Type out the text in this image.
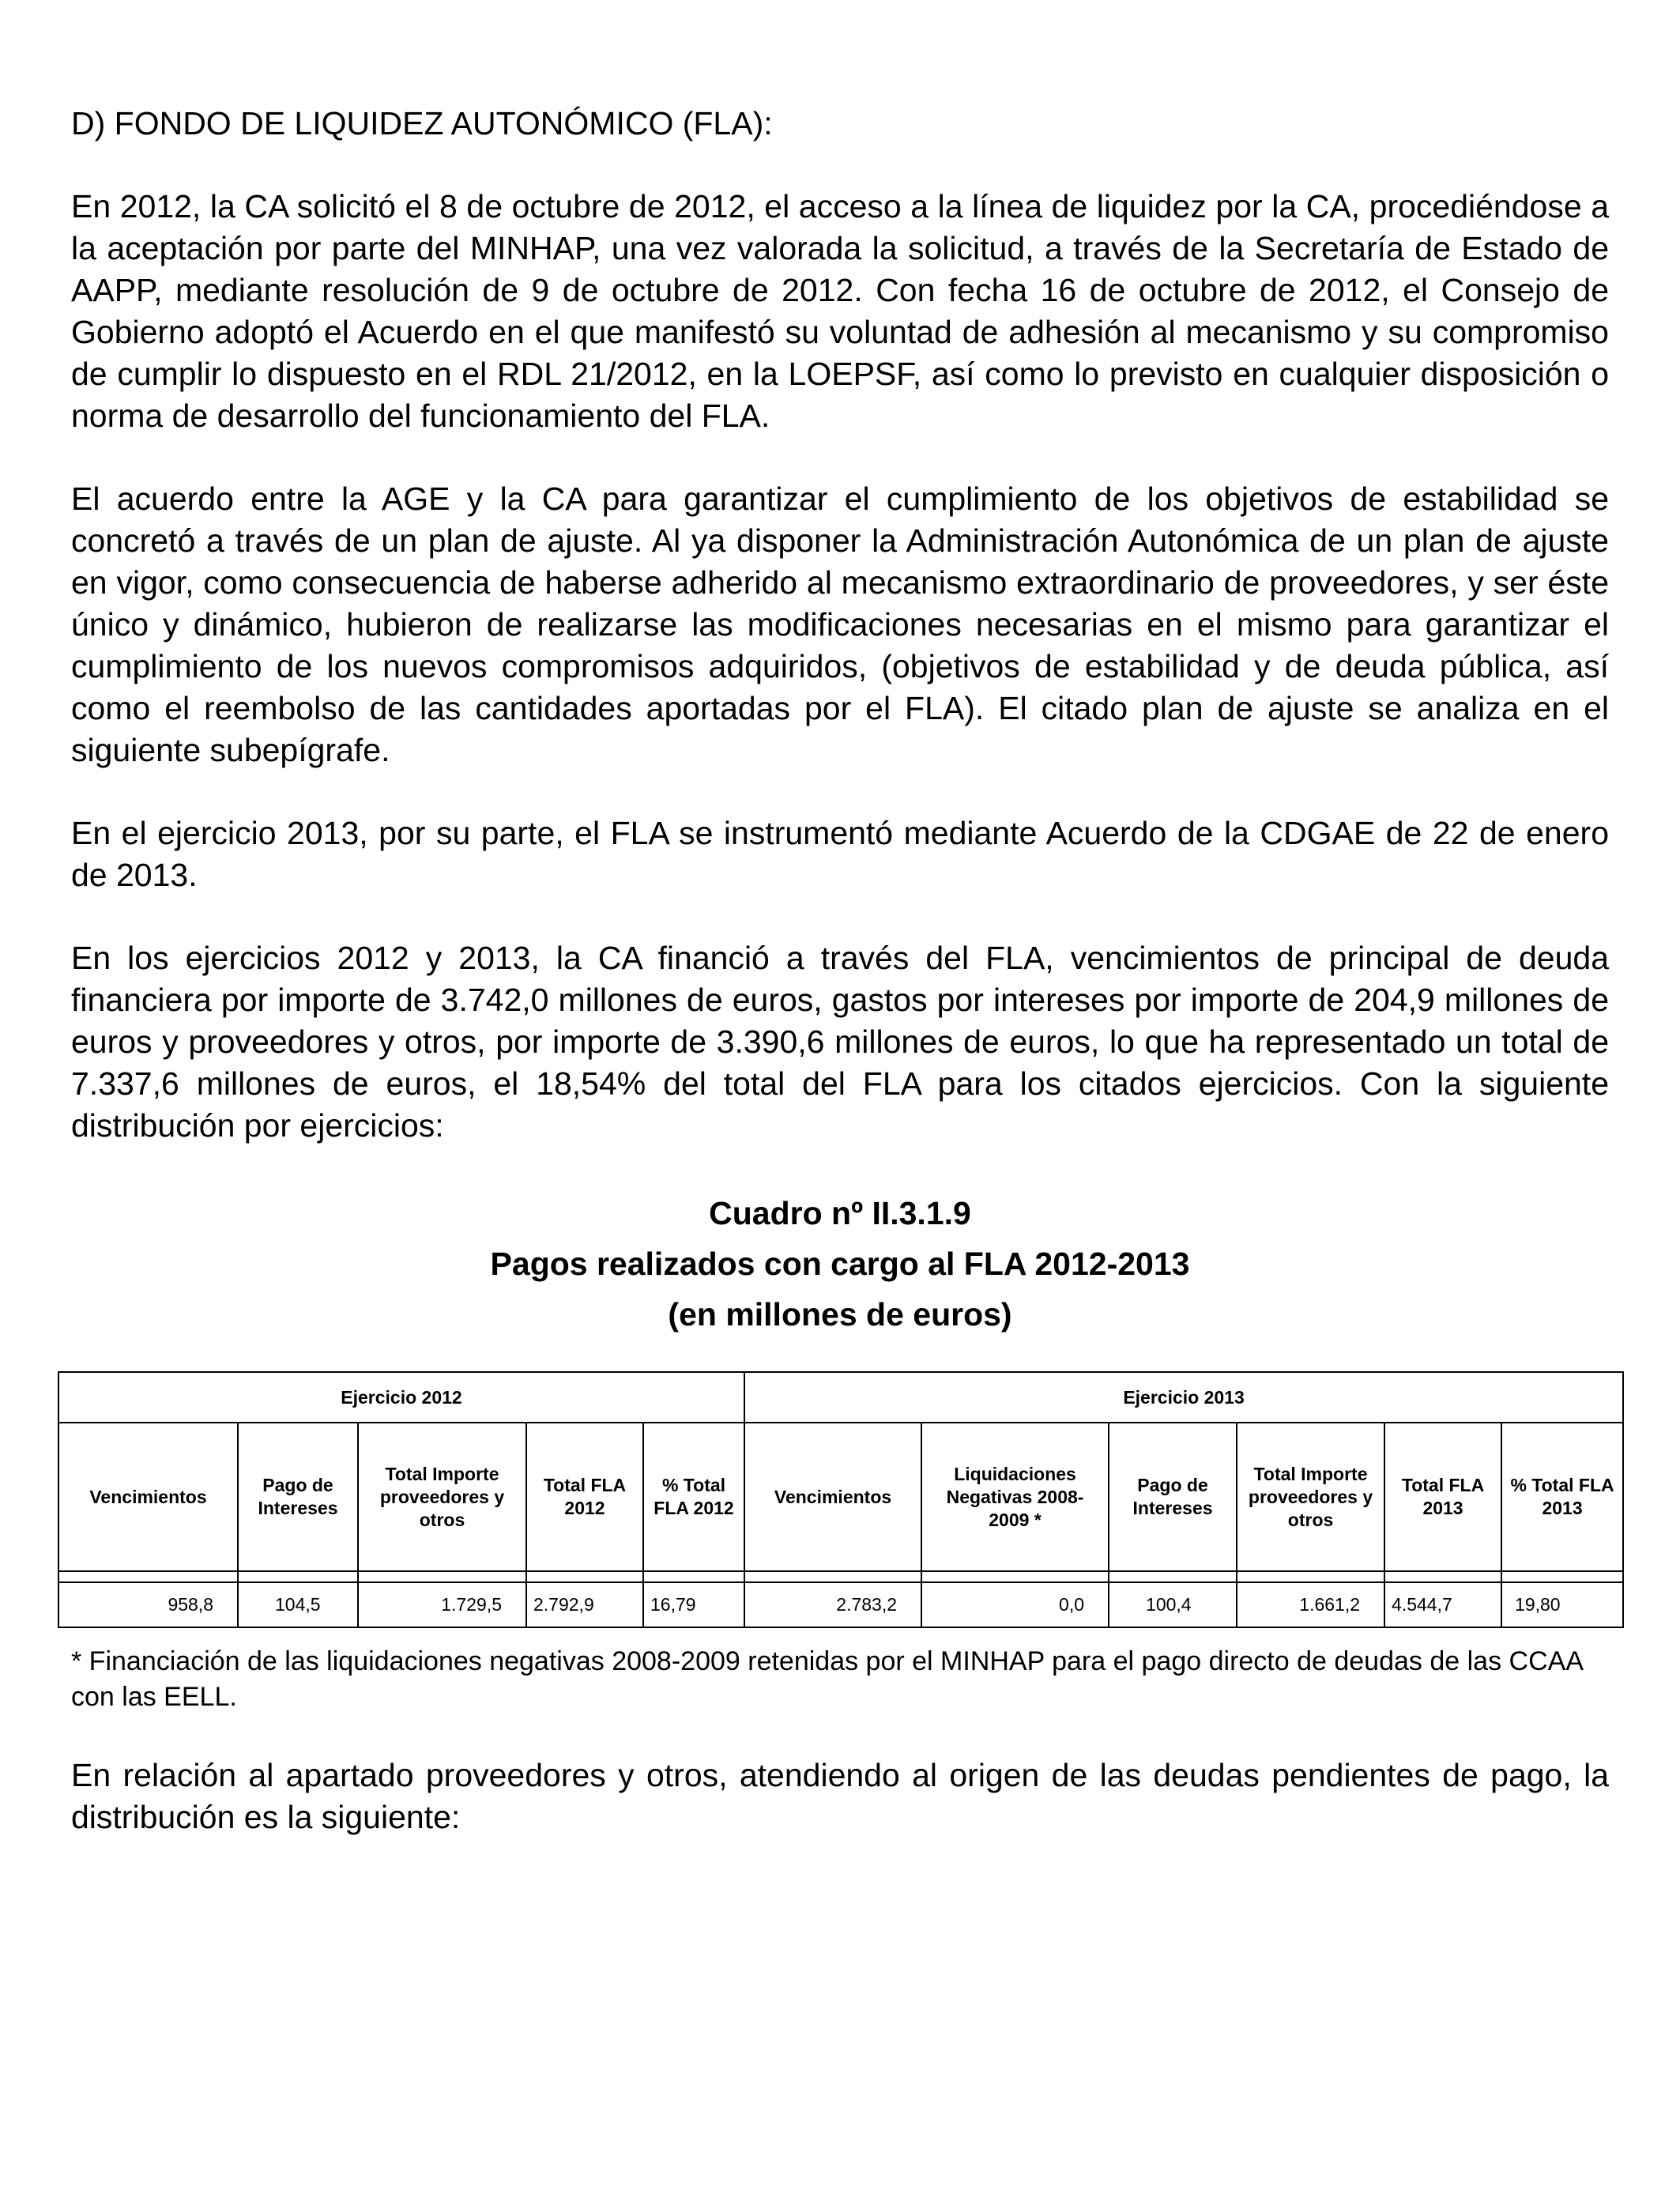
D) FONDO DE LIQUIDEZ AUTONÓMICO (FLA):

En 2012, la CA solicitó el 8 de octubre de 2012, el acceso a la línea de liquidez por la CA, procediéndose a la aceptación por parte del MINHAP, una vez valorada la solicitud, a través de la Secretaría de Estado de AAPP, mediante resolución de 9 de octubre de 2012. Con fecha 16 de octubre de 2012, el Consejo de Gobierno adoptó el Acuerdo en el que manifestó su voluntad de adhesión al mecanismo y su compromiso de cumplir lo dispuesto en el RDL 21/2012, en la LOEPSF, así como lo previsto en cualquier disposición o norma de desarrollo del funcionamiento del FLA.

El acuerdo entre la AGE y la CA para garantizar el cumplimiento de los objetivos de estabilidad se concretó a través de un plan de ajuste. Al ya disponer la Administración Autonómica de un plan de ajuste en vigor, como consecuencia de haberse adherido al mecanismo extraordinario de proveedores, y ser éste único y dinámico, hubieron de realizarse las modificaciones necesarias en el mismo para garantizar el cumplimiento de los nuevos compromisos adquiridos, (objetivos de estabilidad y de deuda pública, así como el reembolso de las cantidades aportadas por el FLA). El citado plan de ajuste se analiza en el siguiente subepígrafe.

En el ejercicio 2013, por su parte, el FLA se instrumentó mediante Acuerdo de la CDGAE de 22 de enero de 2013.

En los ejercicios 2012 y 2013, la CA financió a través del FLA, vencimientos de principal de deuda financiera por importe de 3.742,0 millones de euros, gastos por intereses por importe de 204,9 millones de euros y proveedores y otros, por importe de 3.390,6 millones de euros, lo que ha representado un total de 7.337,6 millones de euros, el 18,54% del total del FLA para los citados ejercicios. Con la siguiente distribución por ejercicios:

Cuadro nº II.3.1.9
Pagos realizados con cargo al FLA 2012-2013
(en millones de euros)
Ejercicio 2012					Ejercicio 2013					
Vencimientos	Pago de Intereses	Total Importe proveedores y otros	Total FLA 2012	% Total FLA 2012	Vencimientos	Liquidaciones Negativas 2008-2009 *	Pago de Intereses	Total Importe proveedores y otros	Total FLA 2013	% Total FLA 2013

958,8	104,5	1.729,5	2.792,9	16,79	2.783,2	0,0	100,4	1.661,2	4.544,7	19,80

* Financiación de las liquidaciones negativas 2008-2009 retenidas por el MINHAP para el pago directo de deudas de las CCAA con las EELL.

En relación al apartado proveedores y otros, atendiendo al origen de las deudas pendientes de pago, la distribución es la siguiente:
